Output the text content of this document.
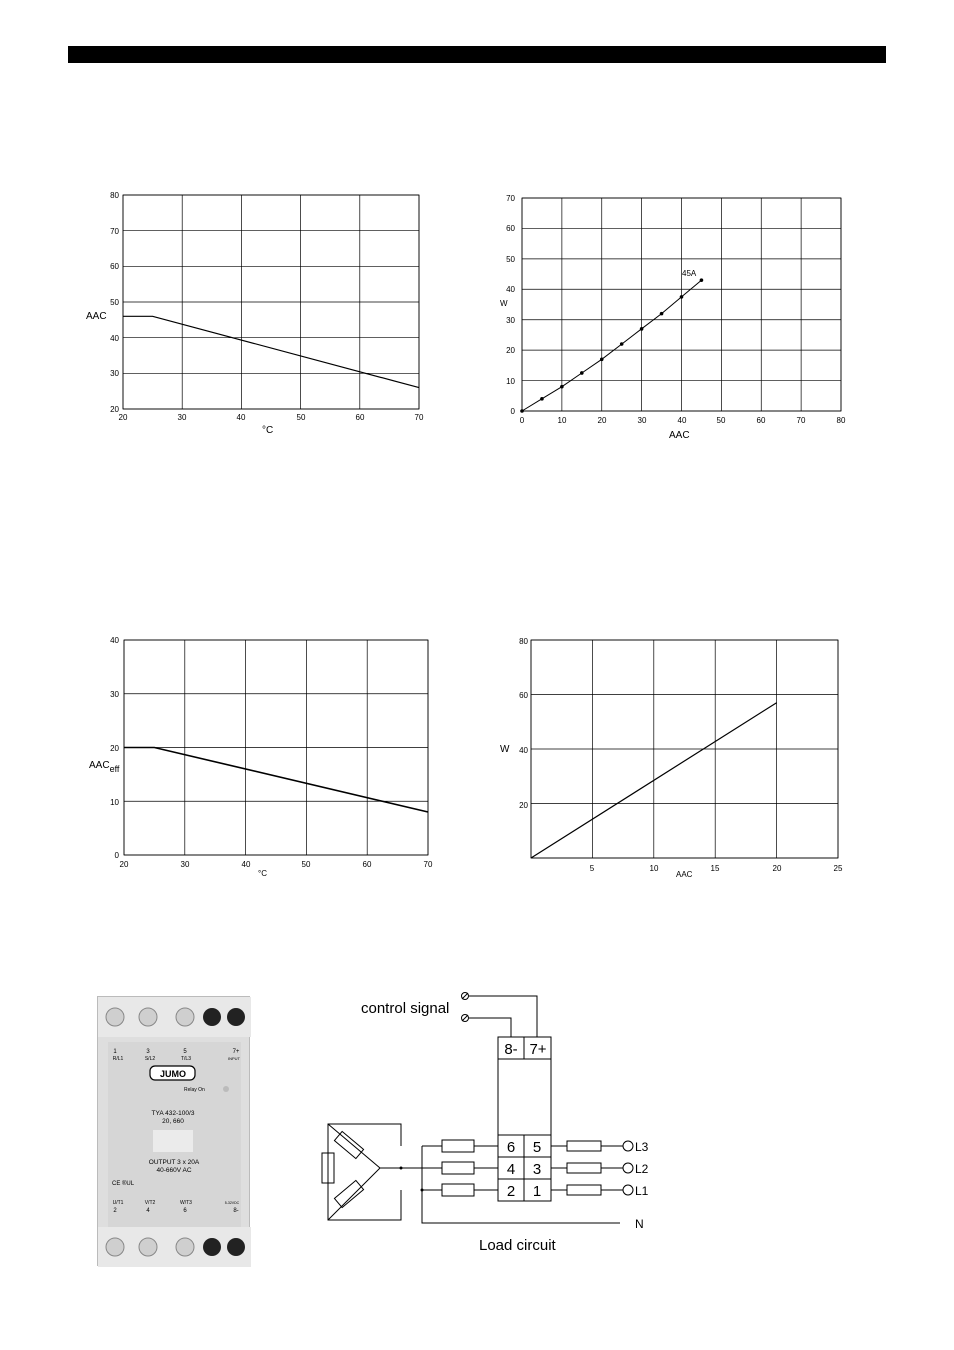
20	30	40	50	60	70
20
30
40
50
60
70
80
AAC
°C
0	10	20	30	40	50	60	70	80
0
10
20
30
40
50
60
70
W
AAC
45A
20	30	40	50	60	70
0
10
20
30
40
AACeff
°C
5	10	15	20	25
20
40
60
80
W
AAC
1	3	5	7+
R/L1	S/L2	T/L3	INPUT
JUMO
Relay On
TYA 432-100/3
20, 660
OUTPUT 3 x 20A
40-660V AC
CE ®UL
U/T1	V/T2	W/T3	5-32VDC
2	4	6	8-
control signal
8- 7+
6 5
4 3
2 1
L3
L2
L1
N
Load circuit
